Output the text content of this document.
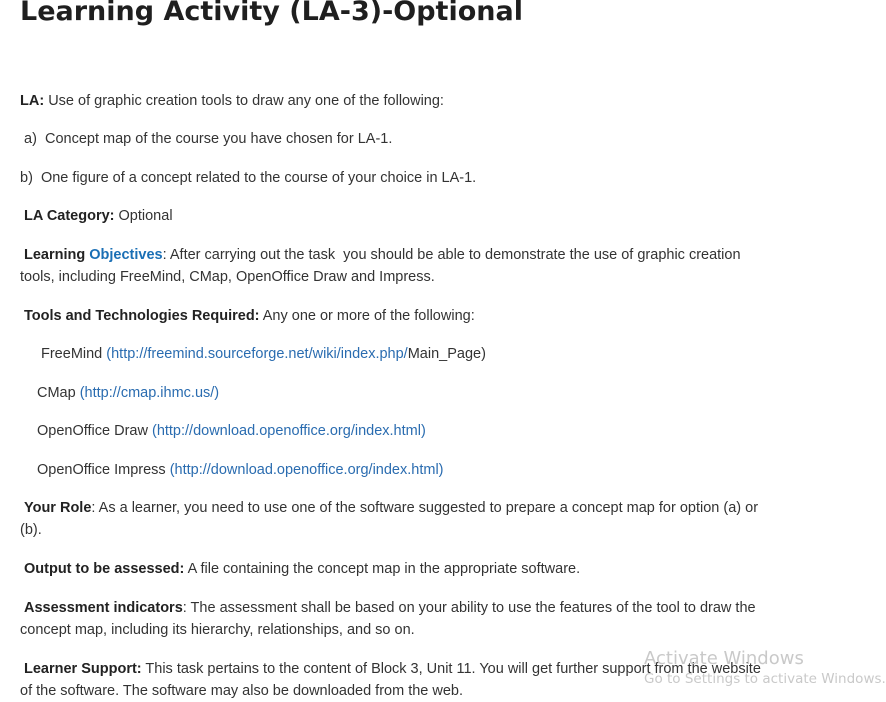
Learning Activity (LA-3)-Optional
LA: Use of graphic creation tools to draw any one of the following:
a)  Concept map of the course you have chosen for LA-1.
b)  One figure of a concept related to the course of your choice in LA-1.
LA Category: Optional
Learning Objectives: After carrying out the task  you should be able to demonstrate the use of graphic creation
tools, including FreeMind, CMap, OpenOffice Draw and Impress.
Tools and Technologies Required: Any one or more of the following:
FreeMind (http://freemind.sourceforge.net/wiki/index.php/Main_Page)
CMap (http://cmap.ihmc.us/)
OpenOffice Draw (http://download.openoffice.org/index.html)
OpenOffice Impress (http://download.openoffice.org/index.html)
Your Role: As a learner, you need to use one of the software suggested to prepare a concept map for option (a) or
(b).
Output to be assessed: A file containing the concept map in the appropriate software.
Assessment indicators: The assessment shall be based on your ability to use the features of the tool to draw the
concept map, including its hierarchy, relationships, and so on.
Learner Support: This task pertains to the content of Block 3, Unit 11. You will get further support from the website
of the software. The software may also be downloaded from the web.
Activate Windows
Go to Settings to activate Windows.
